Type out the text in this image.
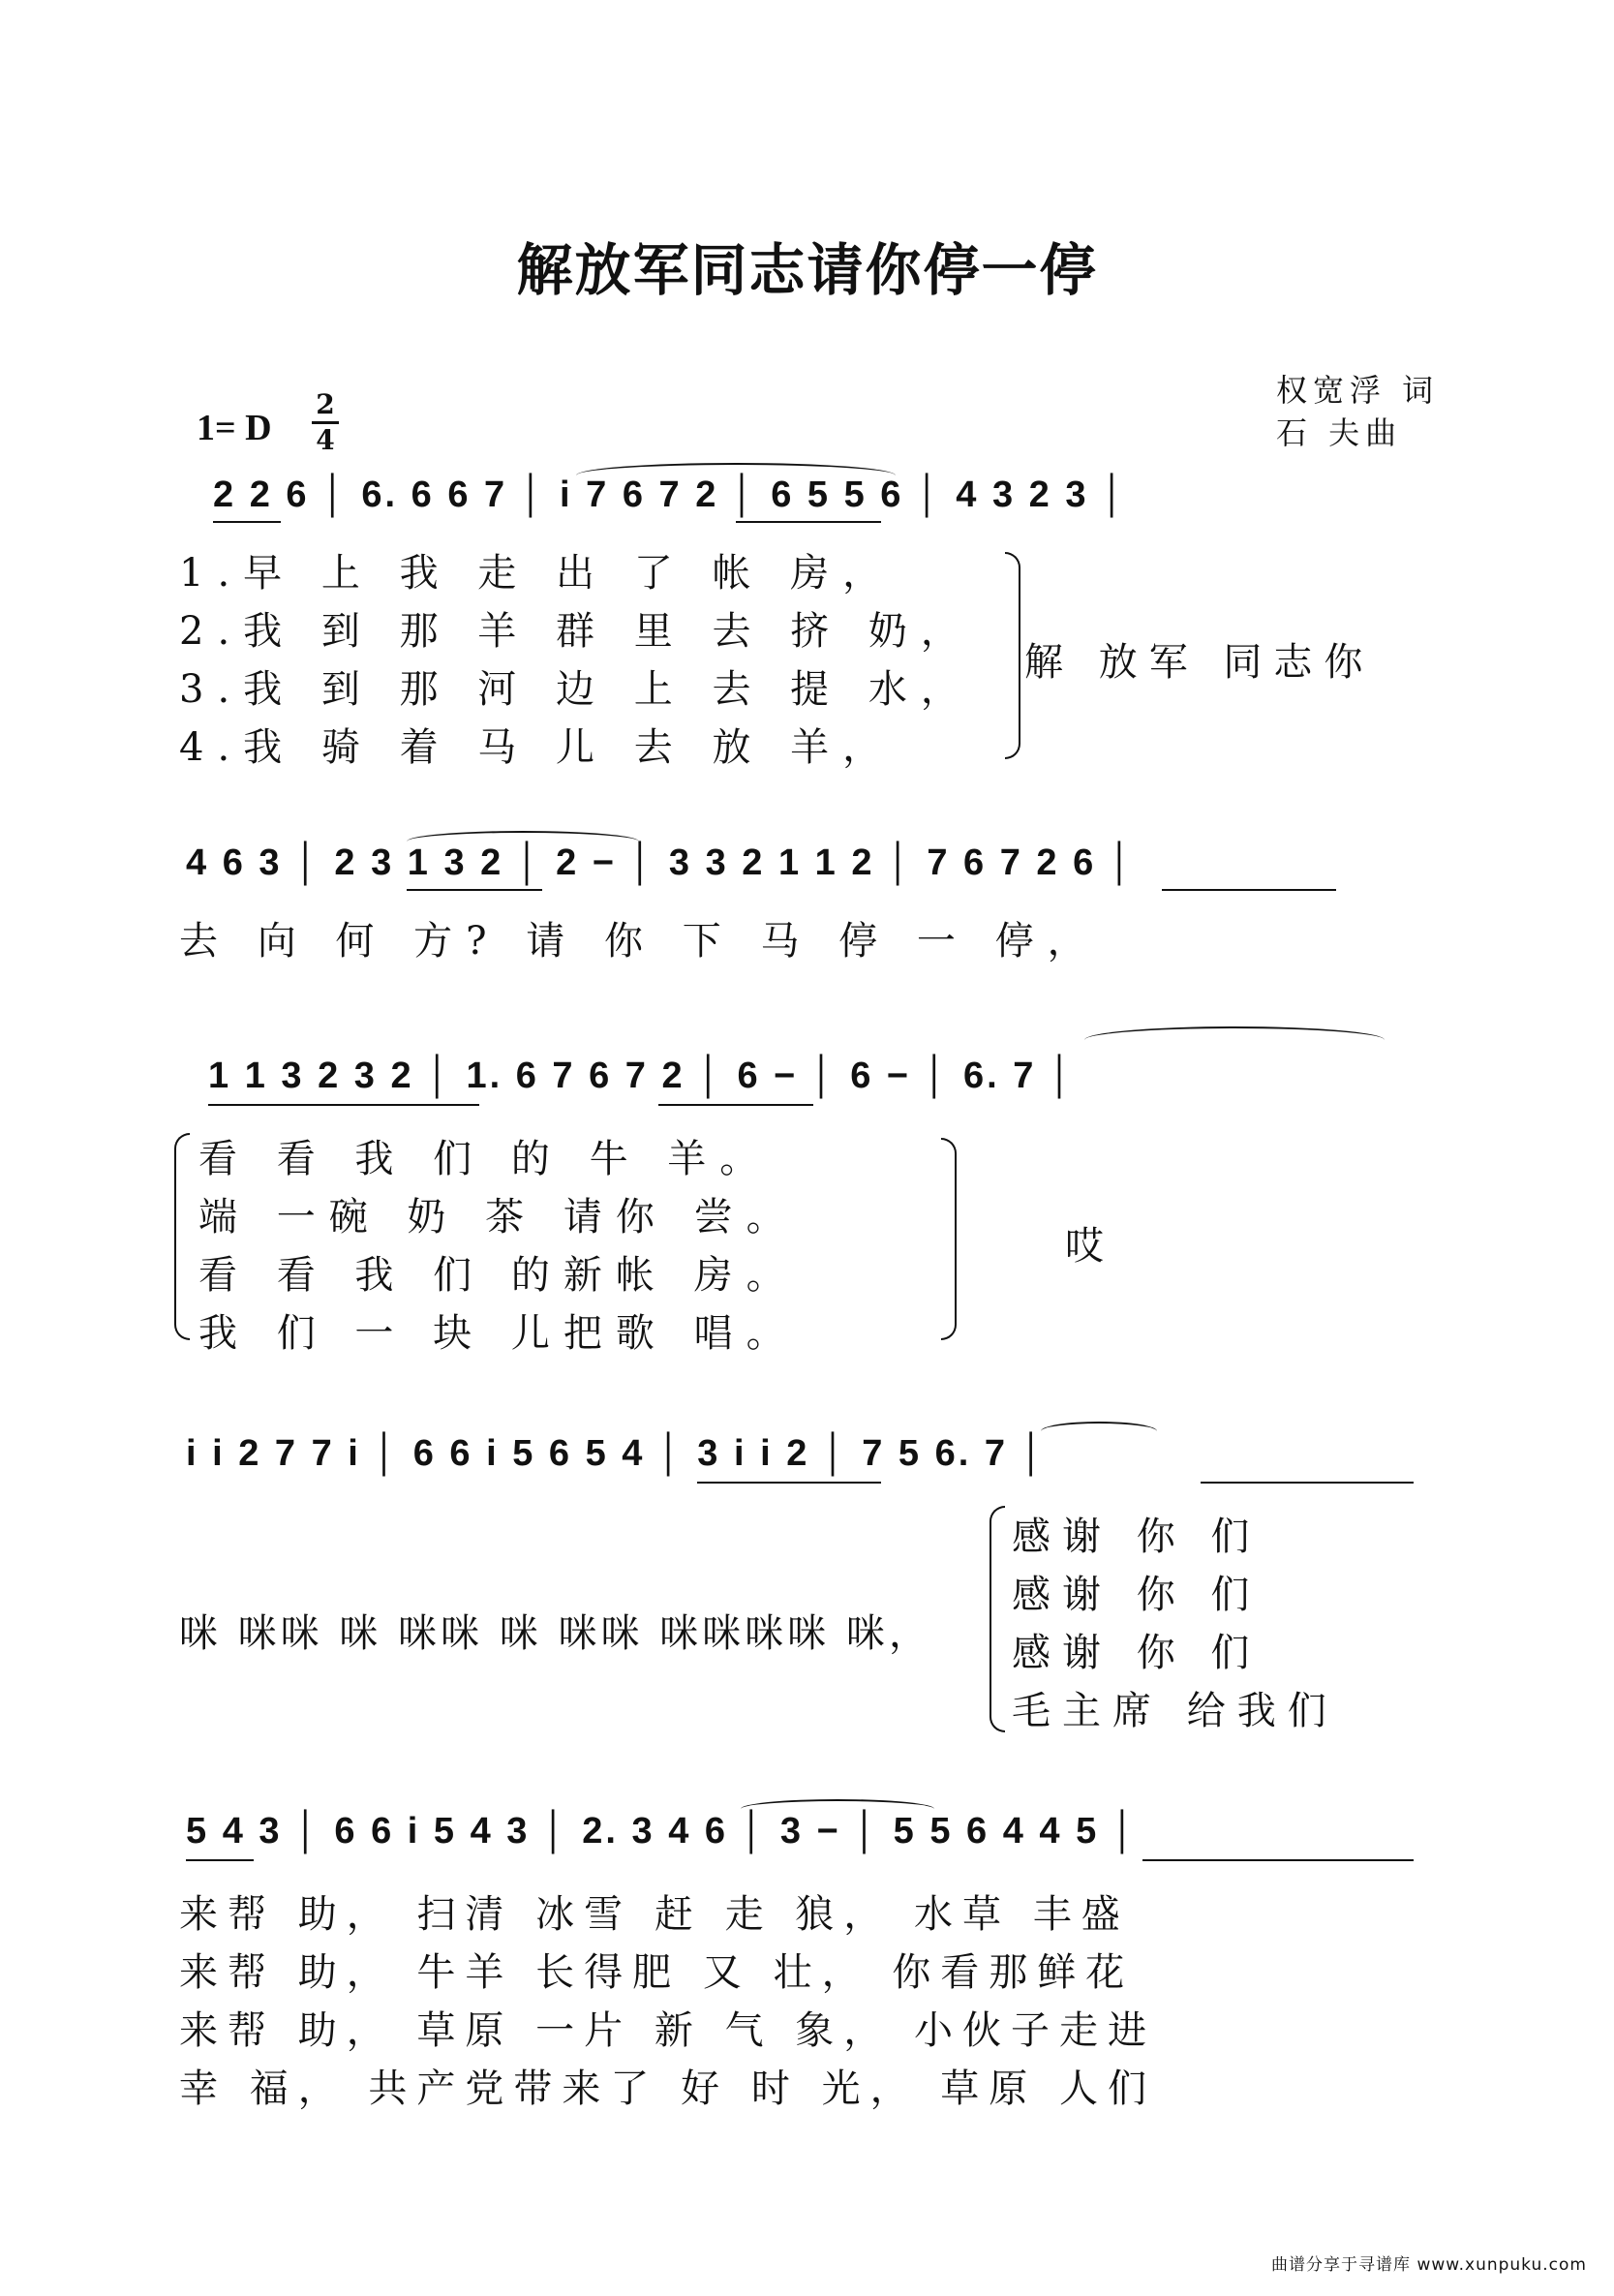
解放军同志请你停一停
权宽浮 词
石 夫曲
1= D $\frac{2}{4}$
2 2 6 │ 6. 6 6 7 │ i 7 6 7 2 │ 6 5 5 6 │ 4 3 2 3 │
1.早 上 我 走 出 了 帐 房，
2.我 到 那 羊 群 里 去 挤 奶，
3.我 到 那 河 边 上 去 提 水，
4.我 骑 着 马 儿 去 放 羊，
解 放军 同志你
4 6 3 │ 2 3 1 3 2 │ 2 − │ 3 3 2 1 1 2 │ 7 6 7 2 6 │
去 向 何 方? 请 你 下 马 停 一 停，
1 1 3 2 3 2 │ 1. 6 7 6 7 2 │ 6 − │ 6 − │ 6. 7 │
看 看 我 们 的 牛 羊。
端 一碗 奶 茶 请你 尝。
看 看 我 们 的新帐 房。
我 们 一 块 儿把歌 唱。
哎
i i 2 7 7 i │ 6 6 i 5 6 5 4 │ 3 i i 2 │ 7 5 6. 7 │
咪 咪咪 咪 咪咪 咪 咪咪 咪咪咪咪 咪，
感谢 你 们
感谢 你 们
感谢 你 们
毛主席 给我们
5 4 3 │ 6 6 i 5 4 3 │ 2. 3 4 6 │ 3 − │ 5 5 6 4 4 5 │
来帮 助， 扫清 冰雪 赶 走 狼， 水草 丰盛
来帮 助， 牛羊 长得肥 又 壮， 你看那鲜花
来帮 助， 草原 一片 新 气 象， 小伙子走进
幸 福， 共产党带来了 好 时 光， 草原 人们
曲谱分享于寻谱库 www.xunpuku.com
